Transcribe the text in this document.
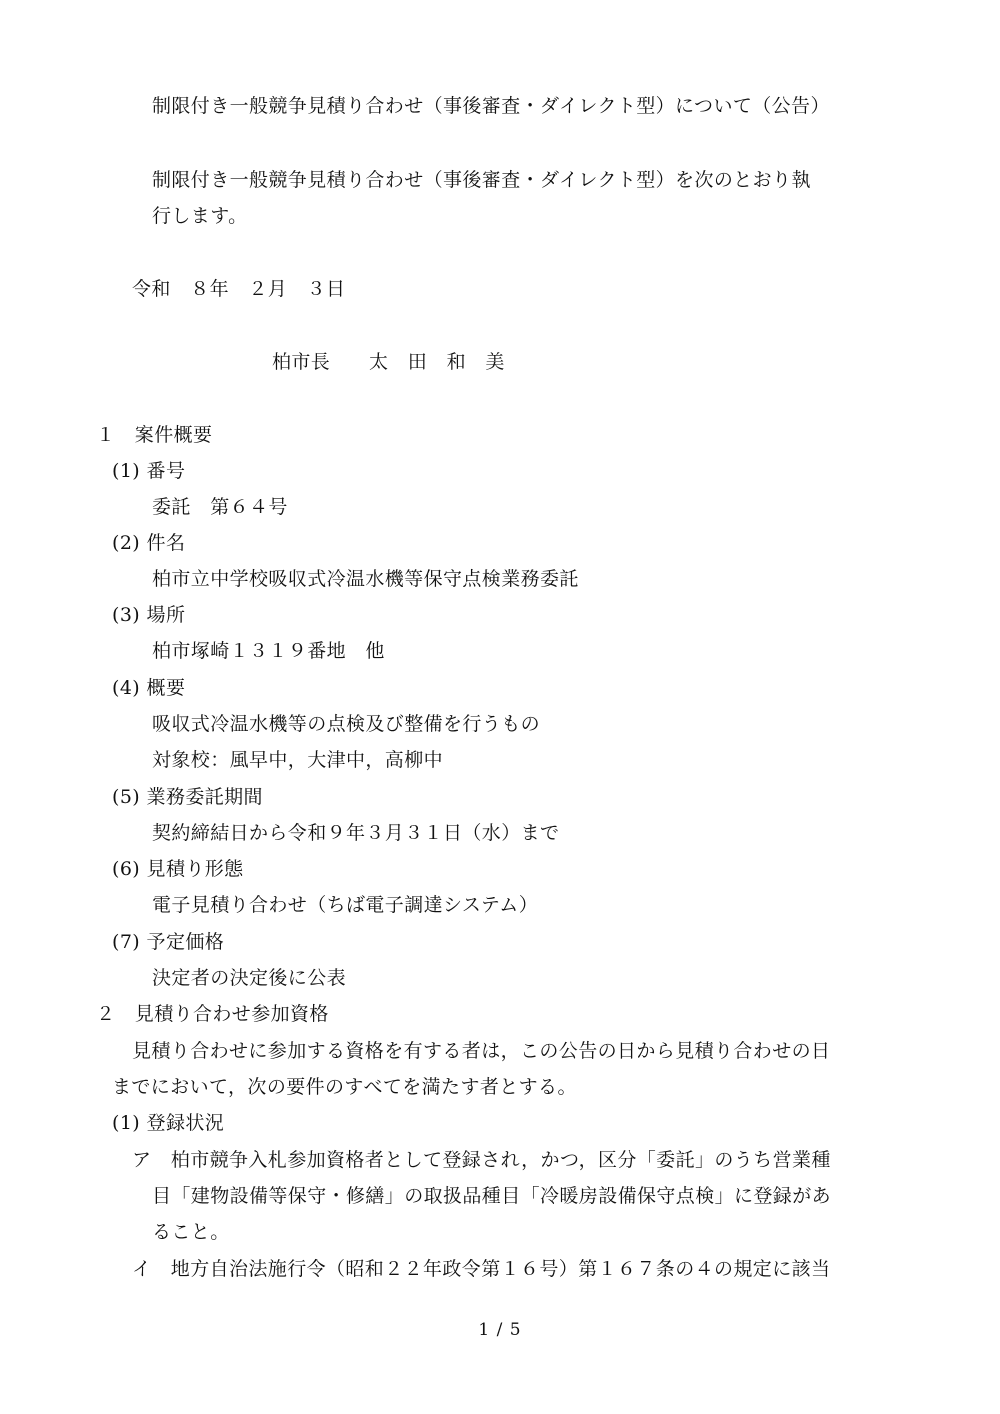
制限付き一般競争見積り合わせ（事後審査・ダイレクト型）について（公告）
制限付き一般競争見積り合わせ（事後審査・ダイレクト型）を次のとおり執
行します。
令和　８年　２月　３日
柏市長　　太　田　和　美
１　案件概要
(1) 番号
委託　第６４号
(2) 件名
柏市立中学校吸収式冷温水機等保守点検業務委託
(3) 場所
柏市塚崎１３１９番地　他
(4) 概要
吸収式冷温水機等の点検及び整備を行うもの
対象校：風早中，大津中，高柳中
(5) 業務委託期間
契約締結日から令和９年３月３１日（水）まで
(6) 見積り形態
電子見積り合わせ（ちば電子調達システム）
(7) 予定価格
決定者の決定後に公表
２　見積り合わせ参加資格
見積り合わせに参加する資格を有する者は，この公告の日から見積り合わせの日
までにおいて，次の要件のすべてを満たす者とする。
(1) 登録状況
ア　柏市競争入札参加資格者として登録され，かつ，区分「委託」のうち営業種
目「建物設備等保守・修繕」の取扱品種目「冷暖房設備保守点検」に登録があ
ること。
イ　地方自治法施行令（昭和２２年政令第１６号）第１６７条の４の規定に該当
1 / 5
